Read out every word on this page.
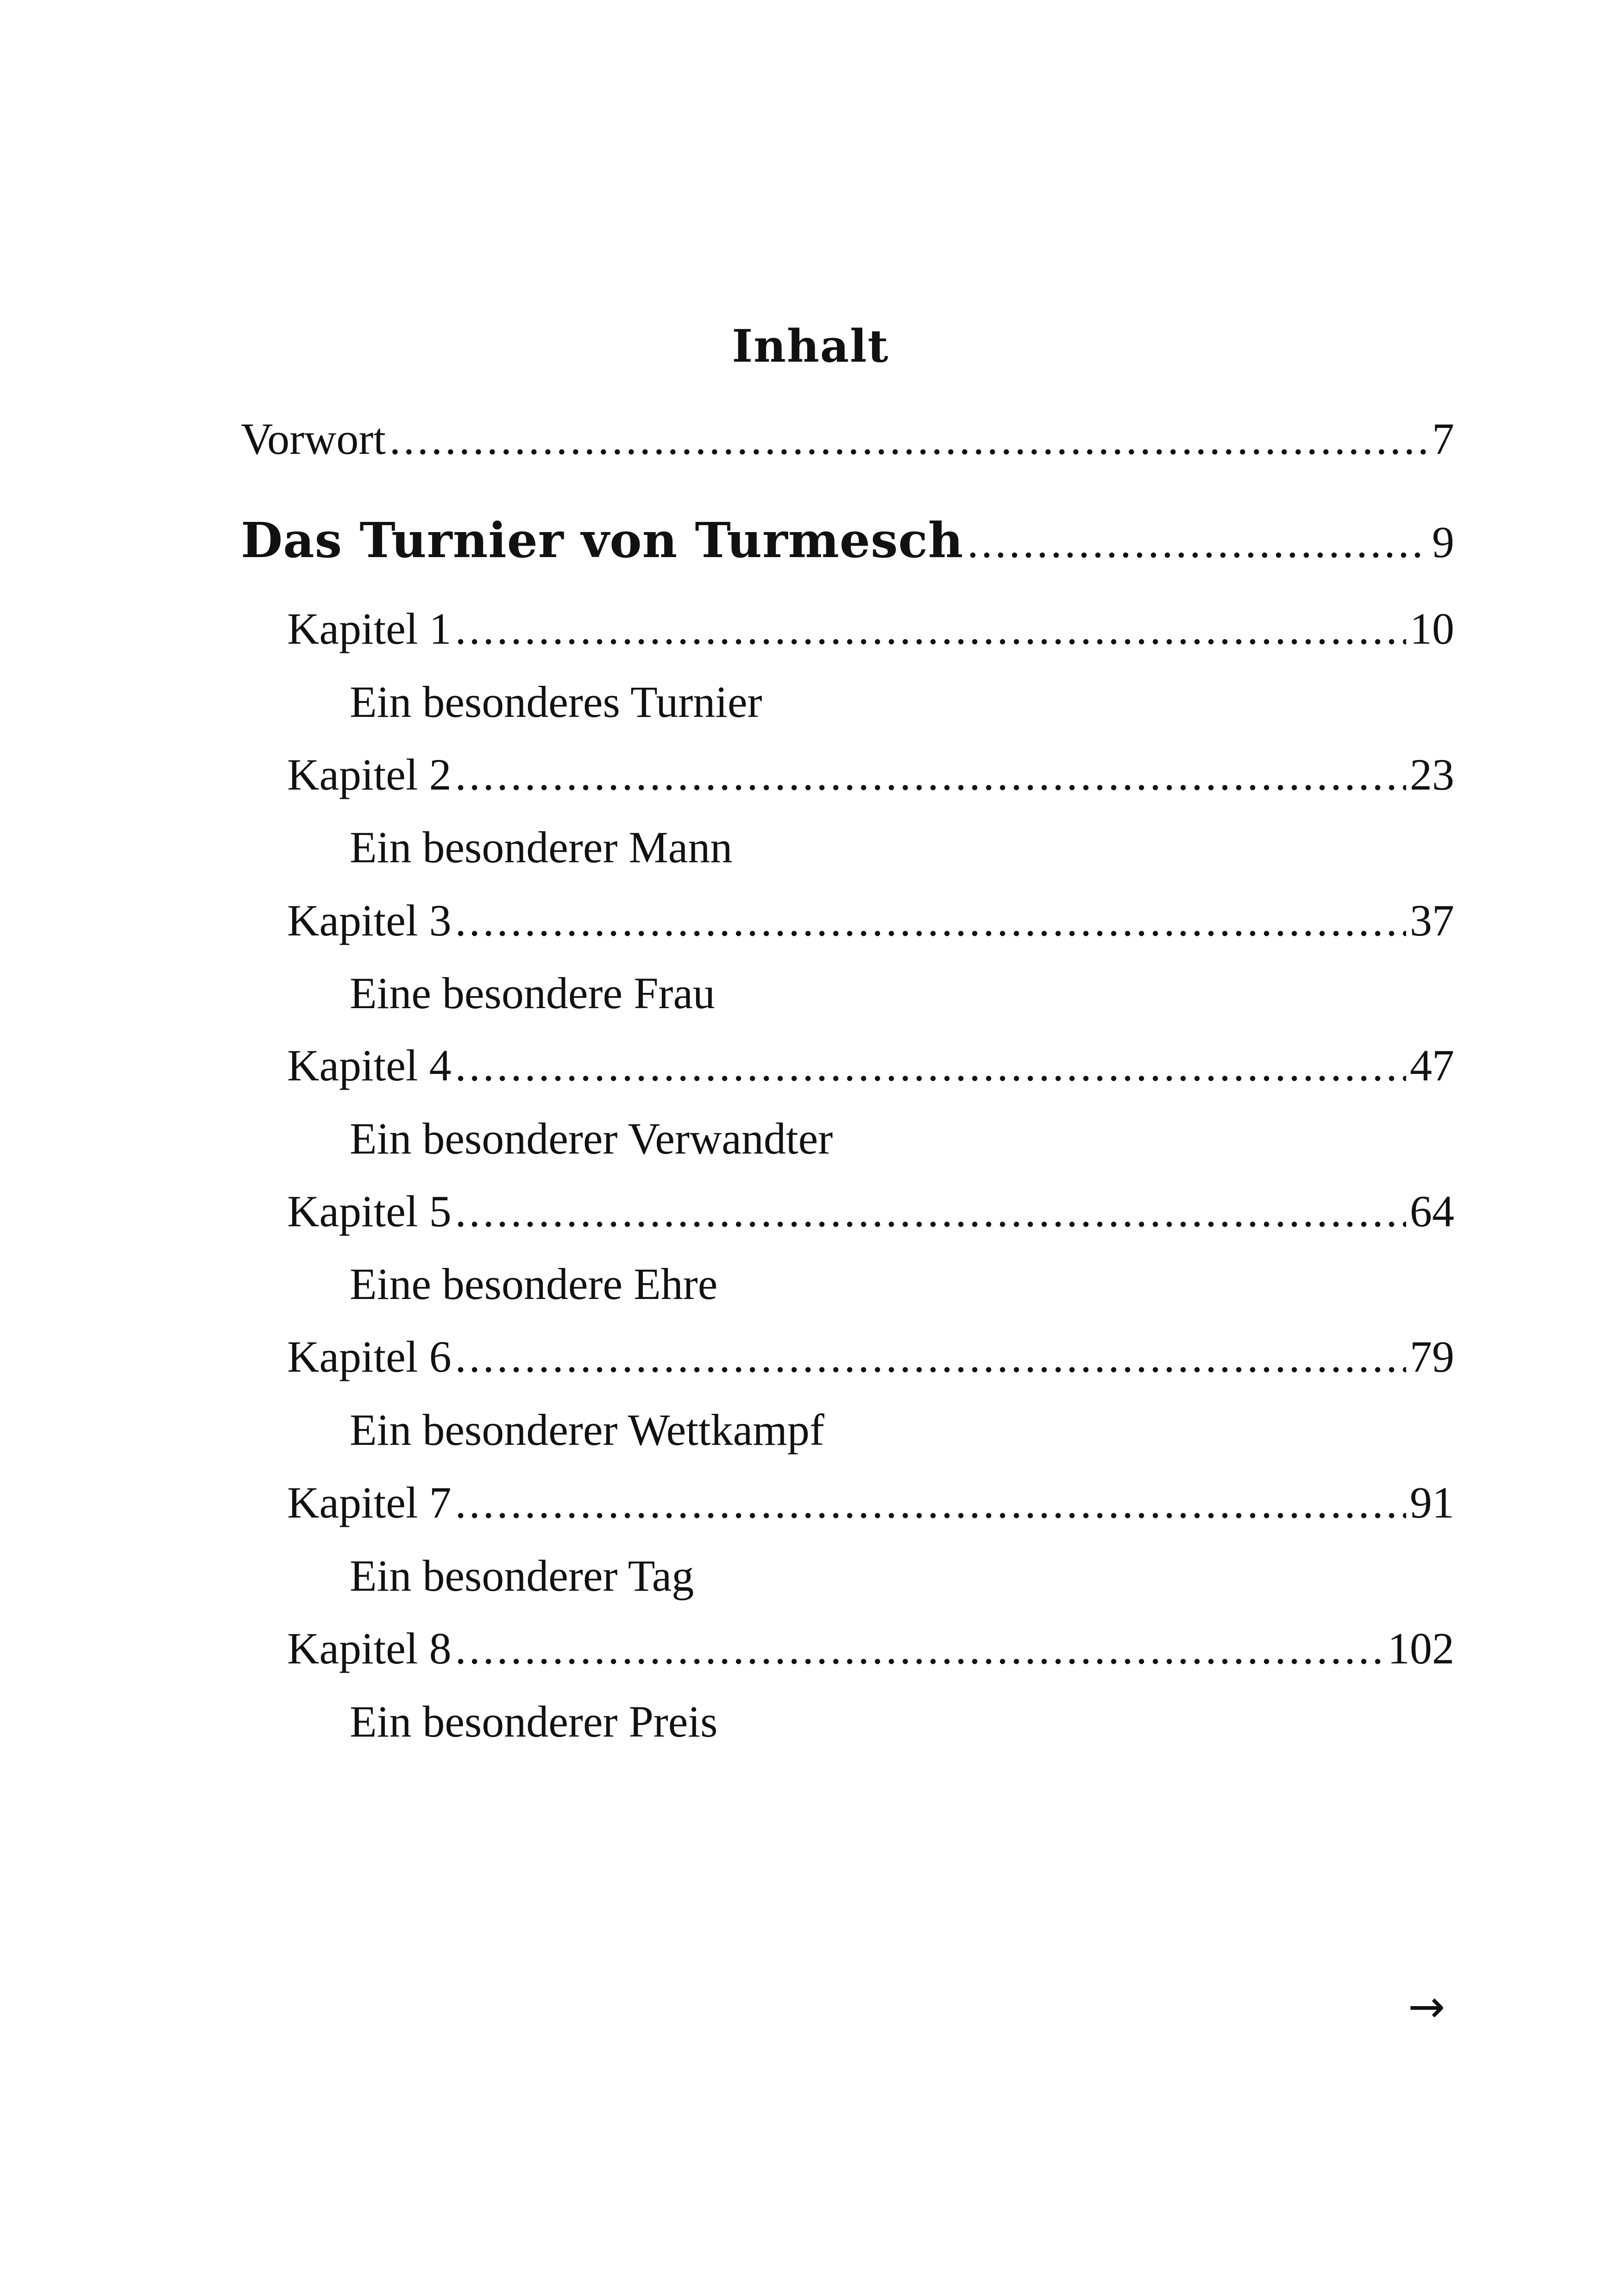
Inhalt
Vorwort .....	7
Das Turnier von Turmesch .....	9
Kapitel 1 .....	10
Ein besonderes Turnier
Kapitel 2 .....	23
Ein besonderer Mann
Kapitel 3 .....	37
Eine besondere Frau
Kapitel 4 .....	47
Ein besonderer Verwandter
Kapitel 5 .....	64
Eine besondere Ehre
Kapitel 6 .....	79
Ein besonderer Wettkampf
Kapitel 7 .....	91
Ein besonderer Tag
Kapitel 8 .....	102
Ein besonderer Preis
→
